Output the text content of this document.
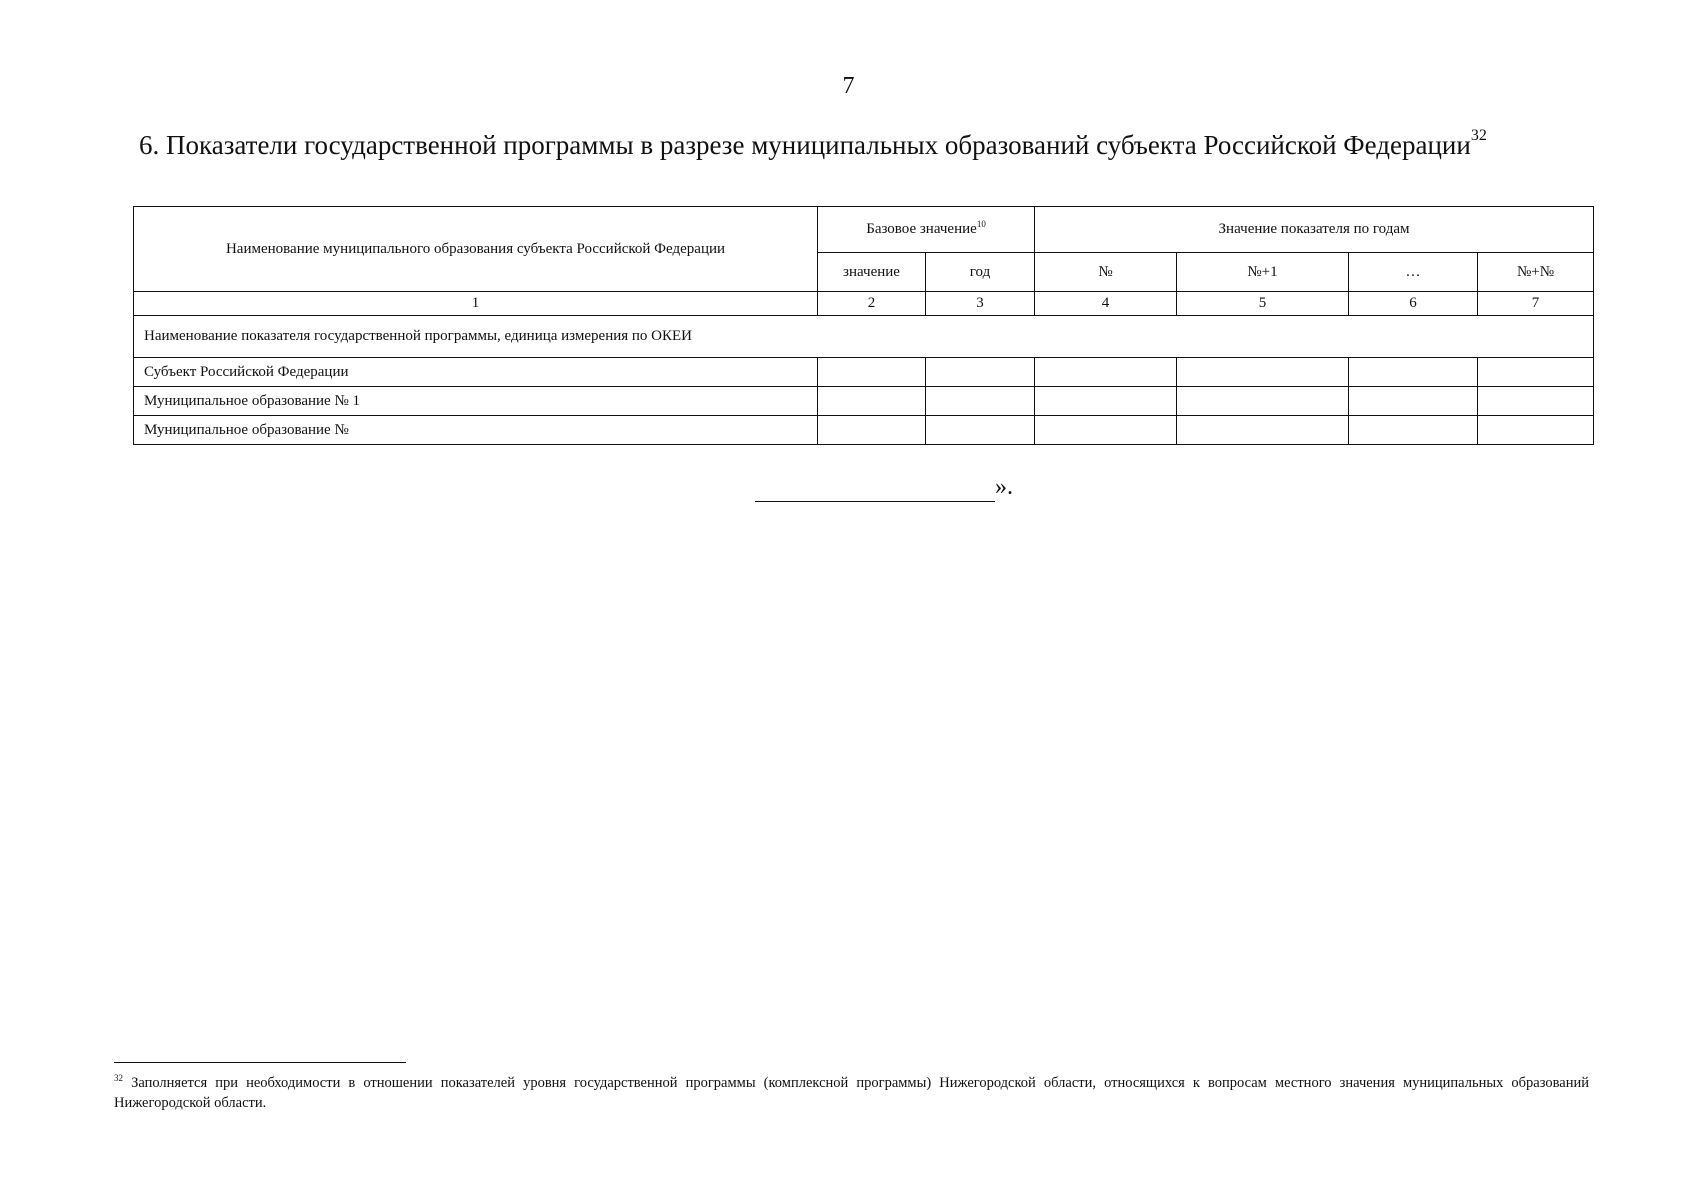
7
6. Показатели государственной программы в разрезе муниципальных образований субъекта Российской Федерации$^{32}$
Наименование муниципального образования субъекта Российской Федерации	Базовое значение$^{10}$		Значение показателя по годам			
	значение	год	№	№+1	…	№+№
1	2	3	4	5	6	7
Наименование показателя государственной программы, единица измерения по ОКЕИ						
Субъект Российской Федерации						
Муниципальное образование № 1						
Муниципальное образование №						
».
$^{32}$ Заполняется при необходимости в отношении показателей уровня государственной программы (комплексной программы) Нижегородской области, относящихся к вопросам местного значения муниципальных образований Нижегородской области.
